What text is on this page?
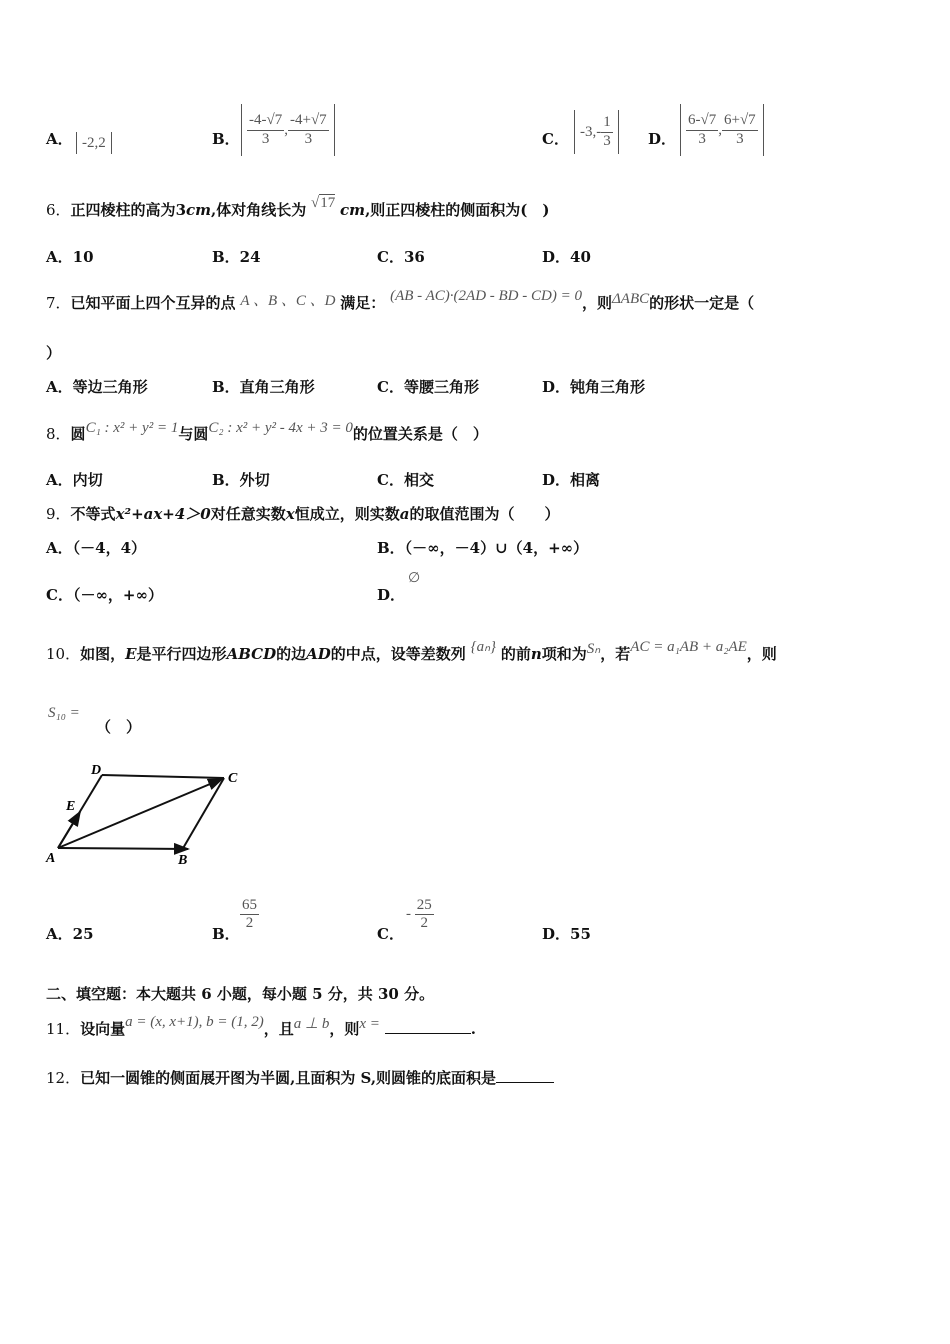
A． -2,2	B． $\frac{-4-√7}{3}$ , $\frac{-4+√7}{3}$	C． $-3,- \frac{1}{3}$ D． $\frac{6-√7}{3}$ , $\frac{6+√7}{3}$
6．正四棱柱的高为3cm,体对角线长为 √17 cm,则正四棱柱的侧面积为(　)
A．10	B．24	C．36	D．40
7．已知平面上四个互异的点 A 、B 、C 、D 满足： (AB - AC)·(2AD - BD - CD) = 0，则ΔABC的形状一定是（
）
A．等边三角形	B．直角三角形	C．等腰三角形	D．钝角三角形
8．圆C₁ : x² + y² = 1与圆C₂ : x² + y² - 4x + 3 = 0的位置关系是（　）
A．内切	B．外切	C．相交	D．相离
9．不等式x²+ax+4＞0对任意实数x恒成立，则实数a的取值范围为（　　）
A．（－4，4）	B．（－∞，－4）∪（4，+∞）
C．（－∞，+∞）	D．
∅
10．如图，E是平行四边形ABCD的边AD的中点，设等差数列 {aₙ} 的前n项和为Sₙ，若AC = a₁AB + a₂AE，则
S₁₀ =
（　）
A	B
C
D
E
A．25	B．
$\frac{65}{2}$
C．
- $\frac{25}{2}$
D．55
二、填空题：本大题共 6 小题，每小题 5 分，共 30 分。
11．设向量a = (x, x+1), b = (1, 2)，且a ⊥ b，则x =	.
12．已知一圆锥的侧面展开图为半圆,且面积为 S,则圆锥的底面积是
